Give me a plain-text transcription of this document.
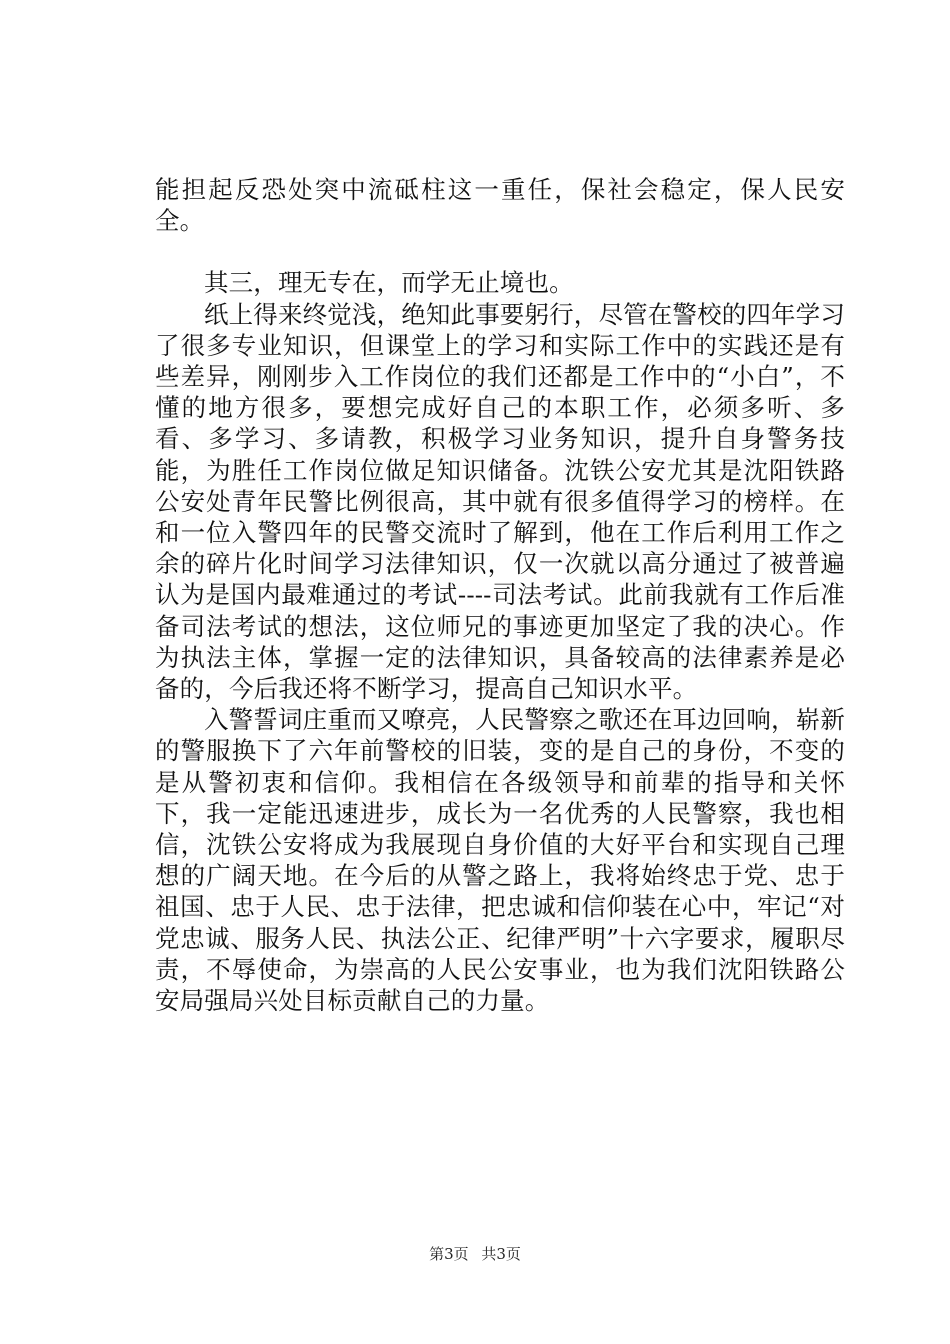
能担起反恐处突中流砥柱这一重任，保社会稳定，保人民安全。

其三，理无专在，而学无止境也。

纸上得来终觉浅，绝知此事要躬行，尽管在警校的四年学习了很多专业知识，但课堂上的学习和实际工作中的实践还是有些差异，刚刚步入工作岗位的我们还都是工作中的“小白”，不懂的地方很多，要想完成好自己的本职工作，必须多听、多看、多学习、多请教，积极学习业务知识，提升自身警务技能，为胜任工作岗位做足知识储备。沈铁公安尤其是沈阳铁路公安处青年民警比例很高，其中就有很多值得学习的榜样。在和一位入警四年的民警交流时了解到，他在工作后利用工作之余的碎片化时间学习法律知识，仅一次就以高分通过了被普遍认为是国内最难通过的考试----司法考试。此前我就有工作后准备司法考试的想法，这位师兄的事迹更加坚定了我的决心。作为执法主体，掌握一定的法律知识，具备较高的法律素养是必备的，今后我还将不断学习，提高自己知识水平。

入警誓词庄重而又嘹亮，人民警察之歌还在耳边回响，崭新的警服换下了六年前警校的旧装，变的是自己的身份，不变的是从警初衷和信仰。我相信在各级领导和前辈的指导和关怀下，我一定能迅速进步，成长为一名优秀的人民警察，我也相信，沈铁公安将成为我展现自身价值的大好平台和实现自己理想的广阔天地。在今后的从警之路上，我将始终忠于党、忠于祖国、忠于人民、忠于法律，把忠诚和信仰装在心中，牢记“对党忠诚、服务人民、执法公正、纪律严明”十六字要求，履职尽责，不辱使命，为崇高的人民公安事业，也为我们沈阳铁路公安局强局兴处目标贡献自己的力量。

第3页 共3页
